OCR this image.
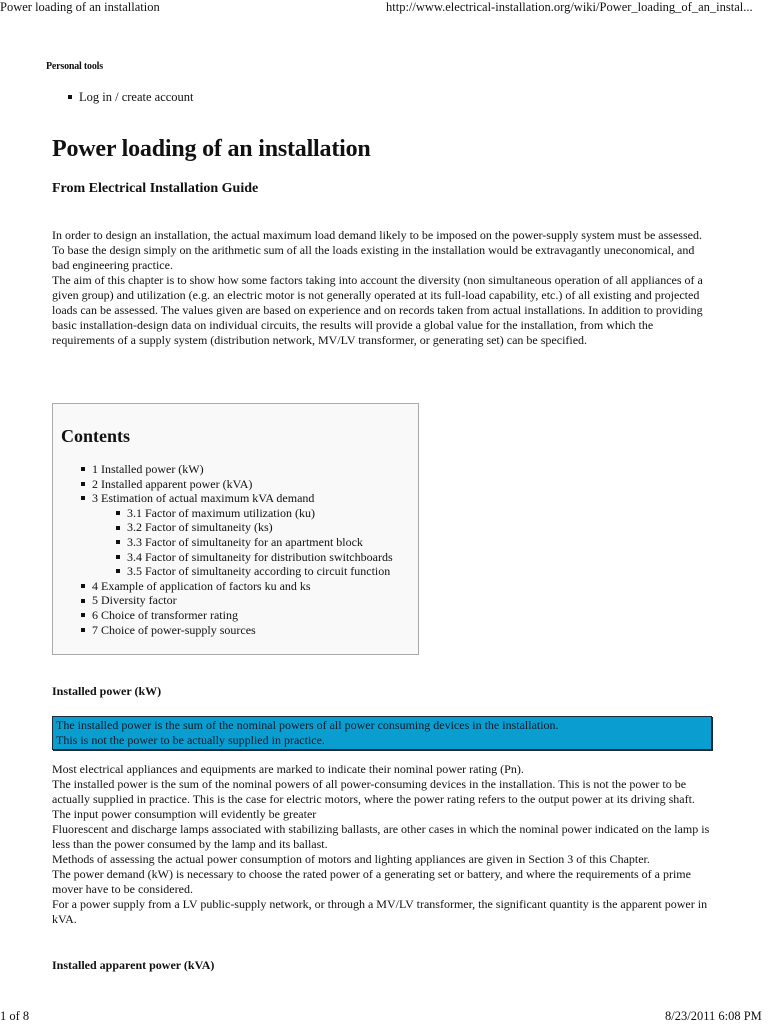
Power loading of an installation	http://www.electrical-installation.org/wiki/Power_loading_of_an_instal...
Personal tools
Log in / create account
Power loading of an installation
From Electrical Installation Guide

In order to design an installation, the actual maximum load demand likely to be imposed on the power-supply system must be assessed.

To base the design simply on the arithmetic sum of all the loads existing in the installation would be extravagantly uneconomical, and bad engineering practice.

The aim of this chapter is to show how some factors taking into account the diversity (non simultaneous operation of all appliances of a given group) and utilization (e.g. an electric motor is not generally operated at its full-load capability, etc.) of all existing and projected loads can be assessed. The values given are based on experience and on records taken from actual installations. In addition to providing basic installation-design data on individual circuits, the results will provide a global value for the installation, from which the requirements of a supply system (distribution network, MV/LV transformer, or generating set) can be specified.

Contents
1 Installed power (kW)
2 Installed apparent power (kVA)
3 Estimation of actual maximum kVA demand
3.1 Factor of maximum utilization (ku)
3.2 Factor of simultaneity (ks)
3.3 Factor of simultaneity for an apartment block
3.4 Factor of simultaneity for distribution switchboards
3.5 Factor of simultaneity according to circuit function
4 Example of application of factors ku and ks
5 Diversity factor
6 Choice of transformer rating
7 Choice of power-supply sources
Installed power (kW)

The installed power is the sum of the nominal powers of all power consuming devices in the installation.

This is not the power to be actually supplied in practice.

Most electrical appliances and equipments are marked to indicate their nominal power rating (Pn).

The installed power is the sum of the nominal powers of all power-consuming devices in the installation. This is not the power to be actually supplied in practice. This is the case for electric motors, where the power rating refers to the output power at its driving shaft. The input power consumption will evidently be greater

Fluorescent and discharge lamps associated with stabilizing ballasts, are other cases in which the nominal power indicated on the lamp is less than the power consumed by the lamp and its ballast.

Methods of assessing the actual power consumption of motors and lighting appliances are given in Section 3 of this Chapter.

The power demand (kW) is necessary to choose the rated power of a generating set or battery, and where the requirements of a prime mover have to be considered.

For a power supply from a LV public-supply network, or through a MV/LV transformer, the significant quantity is the apparent power in kVA.

Installed apparent power (kVA)
1 of 8	8/23/2011 6:08 PM
